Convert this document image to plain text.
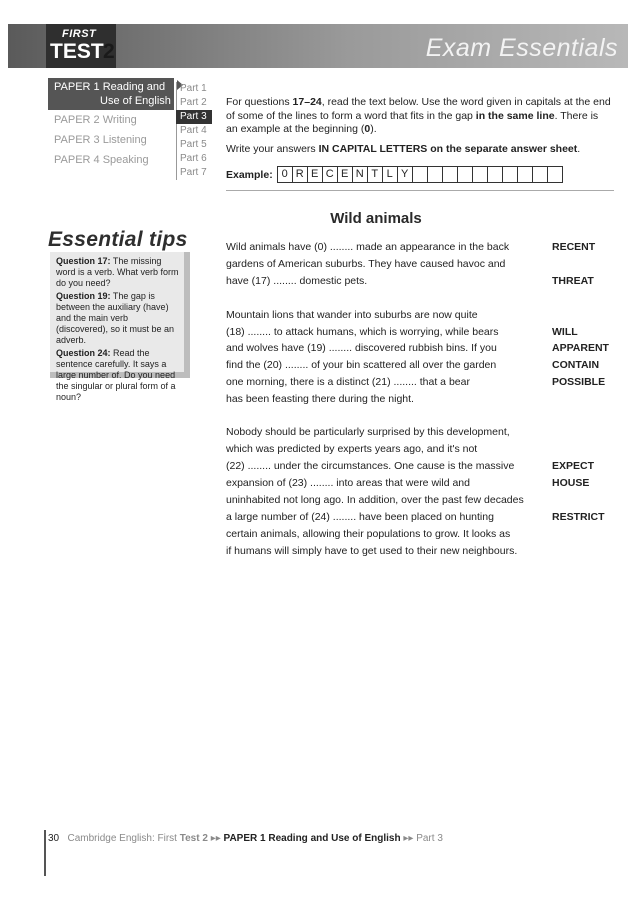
FIRST
TEST 2	Exam Essentials
PAPER 1 Reading and
Use of English
PAPER 2 Writing
PAPER 3 Listening
PAPER 4 Speaking
Part 1
Part 2
Part 3
Part 4
Part 5
Part 6
Part 7
Essential tips
Question 17: The missing word is a verb. What verb form do you need?
Question 19: The gap is between the auxiliary (have) and the main verb (discovered), so it must be an adverb.
Question 24: Read the sentence carefully. It says a large number of. Do you need the singular or plural form of a noun?

For questions 17–24, read the text below. Use the word given in capitals at the end of some of the lines to form a word that fits in the gap in the same line. There is an example at the beginning (0).

Write your answers IN CAPITAL LETTERS on the separate answer sheet.

Example: 0 R E C E N T L Y
Wild animals
Wild animals have (0) ........ made an appearance in the back
gardens of American suburbs. They have caused havoc and
have (17) ........ domestic pets.
Mountain lions that wander into suburbs are now quite
(18) ........ to attack humans, which is worrying, while bears
and wolves have (19) ........ discovered rubbish bins. If you
find the (20) ........ of your bin scattered all over the garden
one morning, there is a distinct (21) ........ that a bear
has been feasting there during the night.
Nobody should be particularly surprised by this development,
which was predicted by experts years ago, and it's not
(22) ........ under the circumstances. One cause is the massive
expansion of (23) ........ into areas that were wild and
uninhabited not long ago. In addition, over the past few decades
a large number of (24) ........ have been placed on hunting
certain animals, allowing their populations to grow. It looks as
if humans will simply have to get used to their new neighbours.
RECENT
THREAT
WILL
APPARENT
CONTAIN
POSSIBLE
EXPECT
HOUSE
RESTRICT
30 Cambridge English: First Test 2 ▸▸ PAPER 1 Reading and Use of English ▸▸ Part 3
